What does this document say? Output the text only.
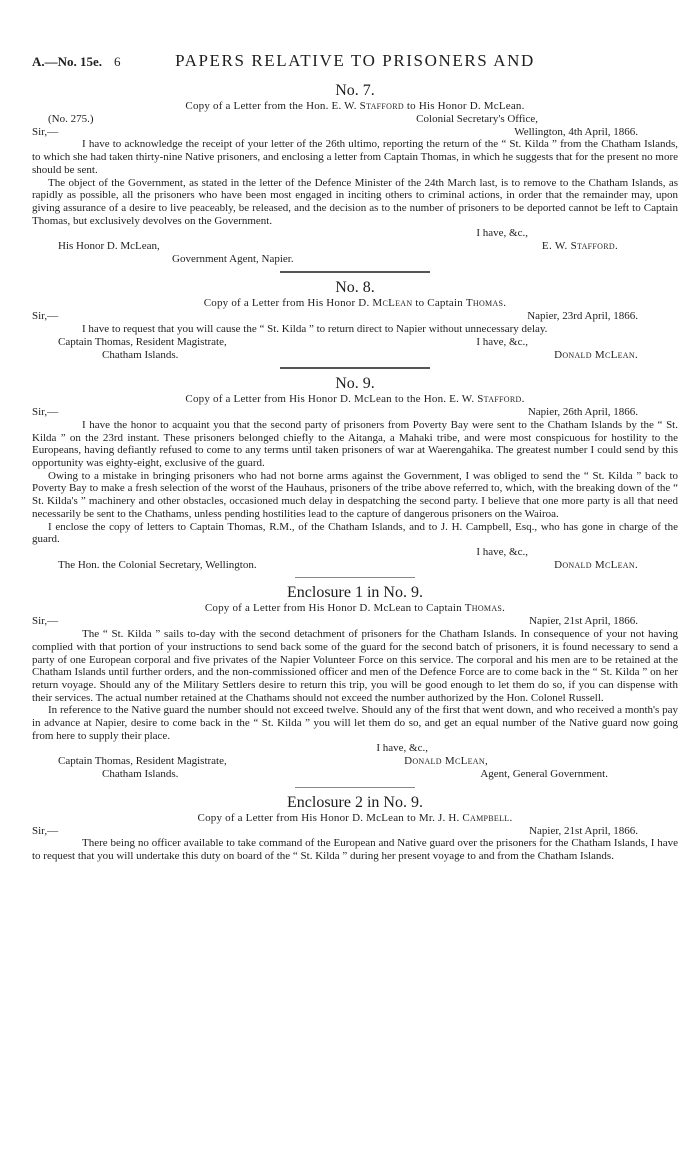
A.—No. 15e. 6	PAPERS RELATIVE TO PRISONERS AND
No. 7.
Copy of a Letter from the Hon. E. W. Stafford to His Honor D. McLean.
(No. 275.)	Colonial Secretary's Office,
Sir,—	Wellington, 4th April, 1866.

I have to acknowledge the receipt of your letter of the 26th ultimo, reporting the return of the “ St. Kilda ” from the Chatham Islands, to which she had taken thirty-nine Native prisoners, and enclosing a letter from Captain Thomas, in which he suggests that for the present no more should be sent.

The object of the Government, as stated in the letter of the Defence Minister of the 24th March last, is to remove to the Chatham Islands, as rapidly as possible, all the prisoners who have been most engaged in inciting others to criminal actions, in order that the remainder may, upon giving assurance of a desire to live peaceably, be released, and the decision as to the number of prisoners to be deported cannot be left to Captain Thomas, but exclusively devolves on the Government.

I have, &c.,
His Honor D. McLean,	E. W. Stafford.
Government Agent, Napier.
No. 8.
Copy of a Letter from His Honor D. McLean to Captain Thomas.
Sir,—	Napier, 23rd April, 1866.

I have to request that you will cause the “ St. Kilda ” to return direct to Napier without unnecessary delay.

Captain Thomas, Resident Magistrate,	I have, &c.,
Chatham Islands.	Donald McLean.
No. 9.
Copy of a Letter from His Honor D. McLean to the Hon. E. W. Stafford.
Sir,—	Napier, 26th April, 1866.

I have the honor to acquaint you that the second party of prisoners from Poverty Bay were sent to the Chatham Islands by the “ St. Kilda ” on the 23rd instant. These prisoners belonged chiefly to the Aitanga, a Mahaki tribe, and were most conspicuous for hostility to the Europeans, having defiantly refused to come to any terms until taken prisoners of war at Waerengahika. The greatest number I could send by this opportunity was eighty-eight, exclusive of the guard.

Owing to a mistake in bringing prisoners who had not borne arms against the Government, I was obliged to send the “ St. Kilda ” back to Poverty Bay to make a fresh selection of the worst of the Hauhaus, prisoners of the tribe above referred to, which, with the breaking down of the “ St. Kilda's ” machinery and other obstacles, occasioned much delay in despatching the second party. I believe that one more party is all that need necessarily be sent to the Chathams, unless pending hostilities lead to the capture of dangerous prisoners on the Wairoa.

I enclose the copy of letters to Captain Thomas, R.M., of the Chatham Islands, and to J. H. Campbell, Esq., who has gone in charge of the guard.

I have, &c.,
The Hon. the Colonial Secretary, Wellington.	Donald McLean.
Enclosure 1 in No. 9.
Copy of a Letter from His Honor D. McLean to Captain Thomas.
Sir,—	Napier, 21st April, 1866.

The “ St. Kilda ” sails to-day with the second detachment of prisoners for the Chatham Islands. In consequence of your not having complied with that portion of your instructions to send back some of the guard for the second batch of prisoners, it is found necessary to send a party of one European corporal and five privates of the Napier Volunteer Force on this service. The corporal and his men are to be retained at the Chatham Islands until further orders, and the non-commissioned officer and men of the Defence Force are to come back in the “ St. Kilda ” on her return voyage. Should any of the Military Settlers desire to return this trip, you will be good enough to let them do so, if you can dispense with their services. The actual number retained at the Chathams should not exceed the number authorized by the Hon. Colonel Russell.

In reference to the Native guard the number should not exceed twelve. Should any of the first that went down, and who received a month's pay in advance at Napier, desire to come back in the “ St. Kilda ” you will let them do so, and get an equal number of the Native guard now going from here to supply their place.

I have, &c.,
Captain Thomas, Resident Magistrate,	Donald McLean,
Chatham Islands.	Agent, General Government.
Enclosure 2 in No. 9.
Copy of a Letter from His Honor D. McLean to Mr. J. H. Campbell.
Sir,—	Napier, 21st April, 1866.

There being no officer available to take command of the European and Native guard over the prisoners for the Chatham Islands, I have to request that you will undertake this duty on board of the “ St. Kilda ” during her present voyage to and from the Chatham Islands.
